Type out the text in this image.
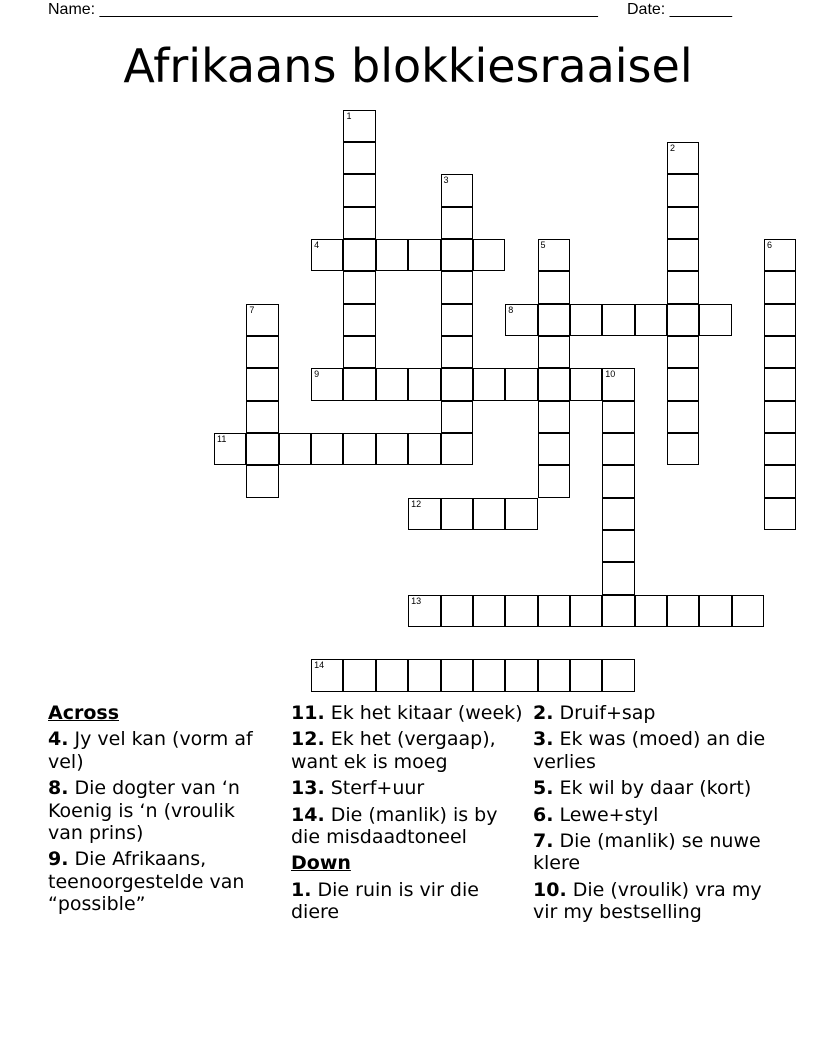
Name: ________________________________________________________ Date: _______
Afrikaans blokkiesraaisel
1
2
3
4	5	6
7	8
9	10
11
12
13
14
Across
4. Jy vel kan (vorm af vel)
8. Die dogter van ‘n Koenig is ‘n (vroulik van prins)
9. Die Afrikaans, teenoorgestelde van “possible”
11. Ek het kitaar (week)
12. Ek het (vergaap), want ek is moeg
13. Sterf+uur
14. Die (manlik) is by die misdaadtoneel
Down
1. Die ruin is vir die diere
2. Druif+sap
3. Ek was (moed) an die verlies
5. Ek wil by daar (kort)
6. Lewe+styl
7. Die (manlik) se nuwe klere
10. Die (vroulik) vra my vir my bestselling
